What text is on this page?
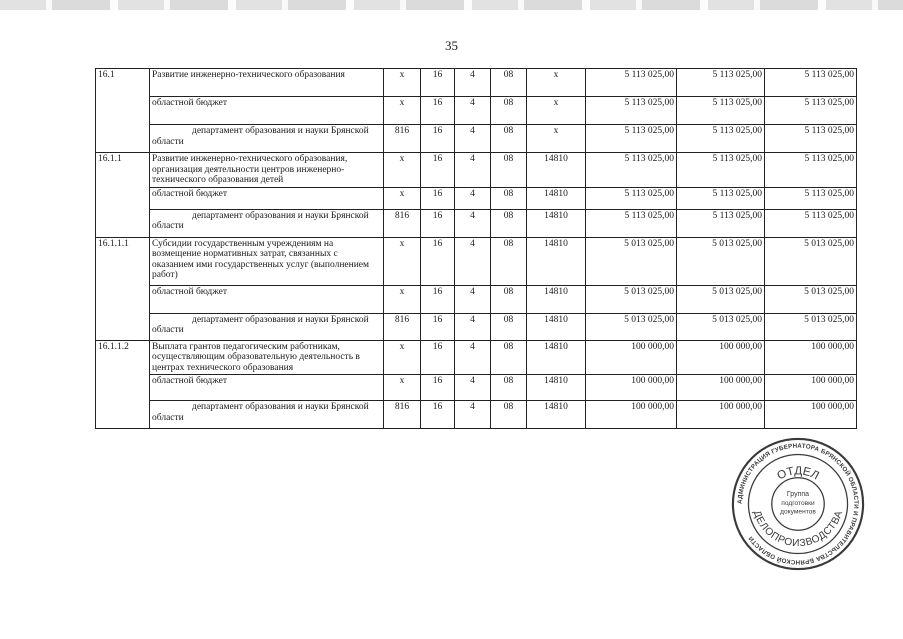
35
16.1	Развитие инженерно-технического образования	x	16	4	08	x	5 113 025,00	5 113 025,00	5 113 025,00
	областной бюджет	x	16	4	08	x	5 113 025,00	5 113 025,00	5 113 025,00
	департамент образования и науки Брянской области	816	16	4	08	x	5 113 025,00	5 113 025,00	5 113 025,00
16.1.1	Развитие инженерно-технического образования, организация деятельности центров инженерно-технического образования детей	x	16	4	08	14810	5 113 025,00	5 113 025,00	5 113 025,00
	областной бюджет	x	16	4	08	14810	5 113 025,00	5 113 025,00	5 113 025,00
	департамент образования и науки Брянской области	816	16	4	08	14810	5 113 025,00	5 113 025,00	5 113 025,00
16.1.1.1	Субсидии государственным учреждениям на возмещение нормативных затрат, связанных с оказанием ими государственных услуг (выполнением работ)	x	16	4	08	14810	5 013 025,00	5 013 025,00	5 013 025,00
	областной бюджет	x	16	4	08	14810	5 013 025,00	5 013 025,00	5 013 025,00
	департамент образования и науки Брянской области	816	16	4	08	14810	5 013 025,00	5 013 025,00	5 013 025,00
16.1.1.2	Выплата грантов педагогическим работникам, осуществляющим образовательную деятельность в центрах технического образования	x	16	4	08	14810	100 000,00	100 000,00	100 000,00
	областной бюджет	x	16	4	08	14810	100 000,00	100 000,00	100 000,00
	департамент образования и науки Брянской области	816	16	4	08	14810	100 000,00	100 000,00	100 000,00
АДМИНИСТРАЦИЯ ГУБЕРНАТОРА БРЯНСКОЙ ОБЛАСТИ И ПРАВИТЕЛЬСТВА БРЯНСКОЙ ОБЛАСТИ
ОТДЕЛ
ДЕЛОПРОИЗВОДСТВА
Группа
подготовки
документов
